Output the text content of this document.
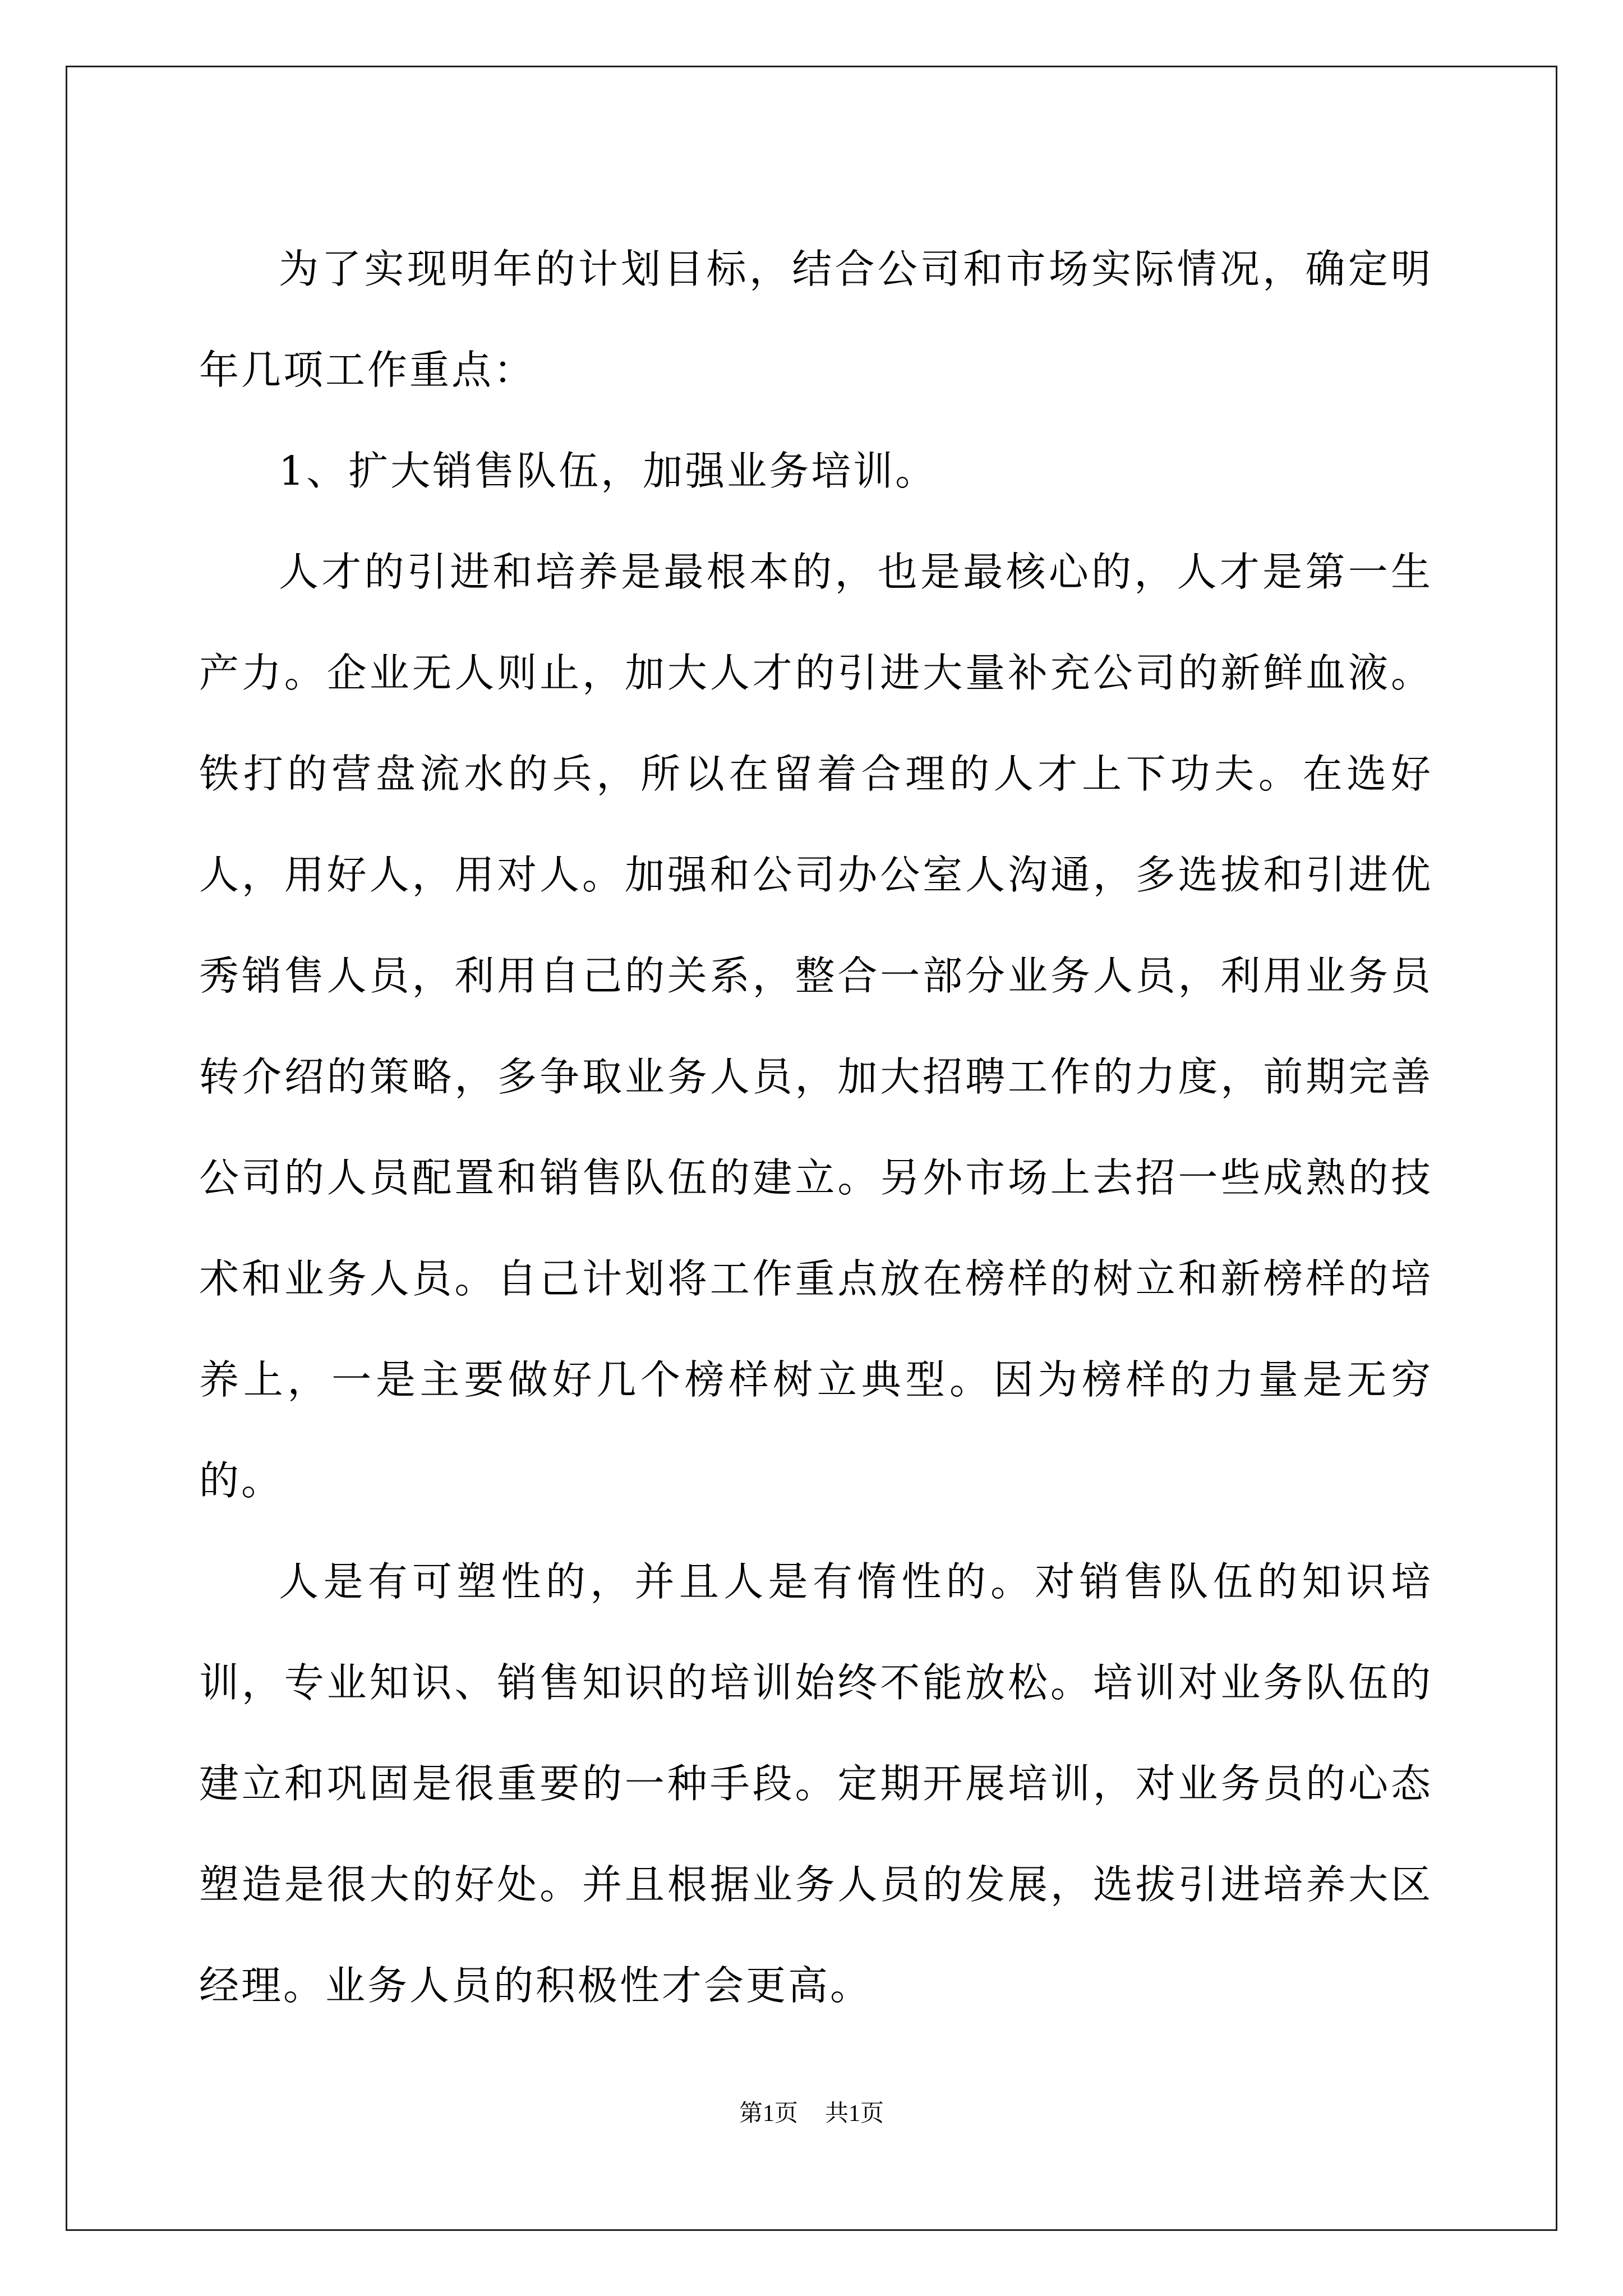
为了实现明年的计划目标，结合公司和市场实际情况，确定明年几项工作重点：

1、扩大销售队伍，加强业务培训。

人才的引进和培养是最根本的，也是最核心的，人才是第一生产力。企业无人则止，加大人才的引进大量补充公司的新鲜血液。 铁打的营盘流水的兵，所以在留着合理的人才上下功夫。在选好人，用好人，用对人。加强和公司办公室人沟通，多选拔和引进优秀销售人员，利用自己的关系，整合一部分业务人员，利用业务员转介绍的策略，多争取业务人员，加大招聘工作的力度，前期完善公司的人员配置和销售队伍的建立。另外市场上去招一些成熟的技术和业务人员。自己计划将工作重点放在榜样的树立和新榜样的培养上，一是主要做好几个榜样树立典型。因为榜样的力量是无穷的。

人是有可塑性的，并且人是有惰性的。对销售队伍的知识培训，专业知识、销售知识的培训始终不能放松。培训对业务队伍的建立和巩固是很重要的一种手段。定期开展培训，对业务员的心态塑造是很大的好处。并且根据业务人员的发展，选拔引进培养大区经理。业务人员的积极性才会更高。

第1页 共1页
